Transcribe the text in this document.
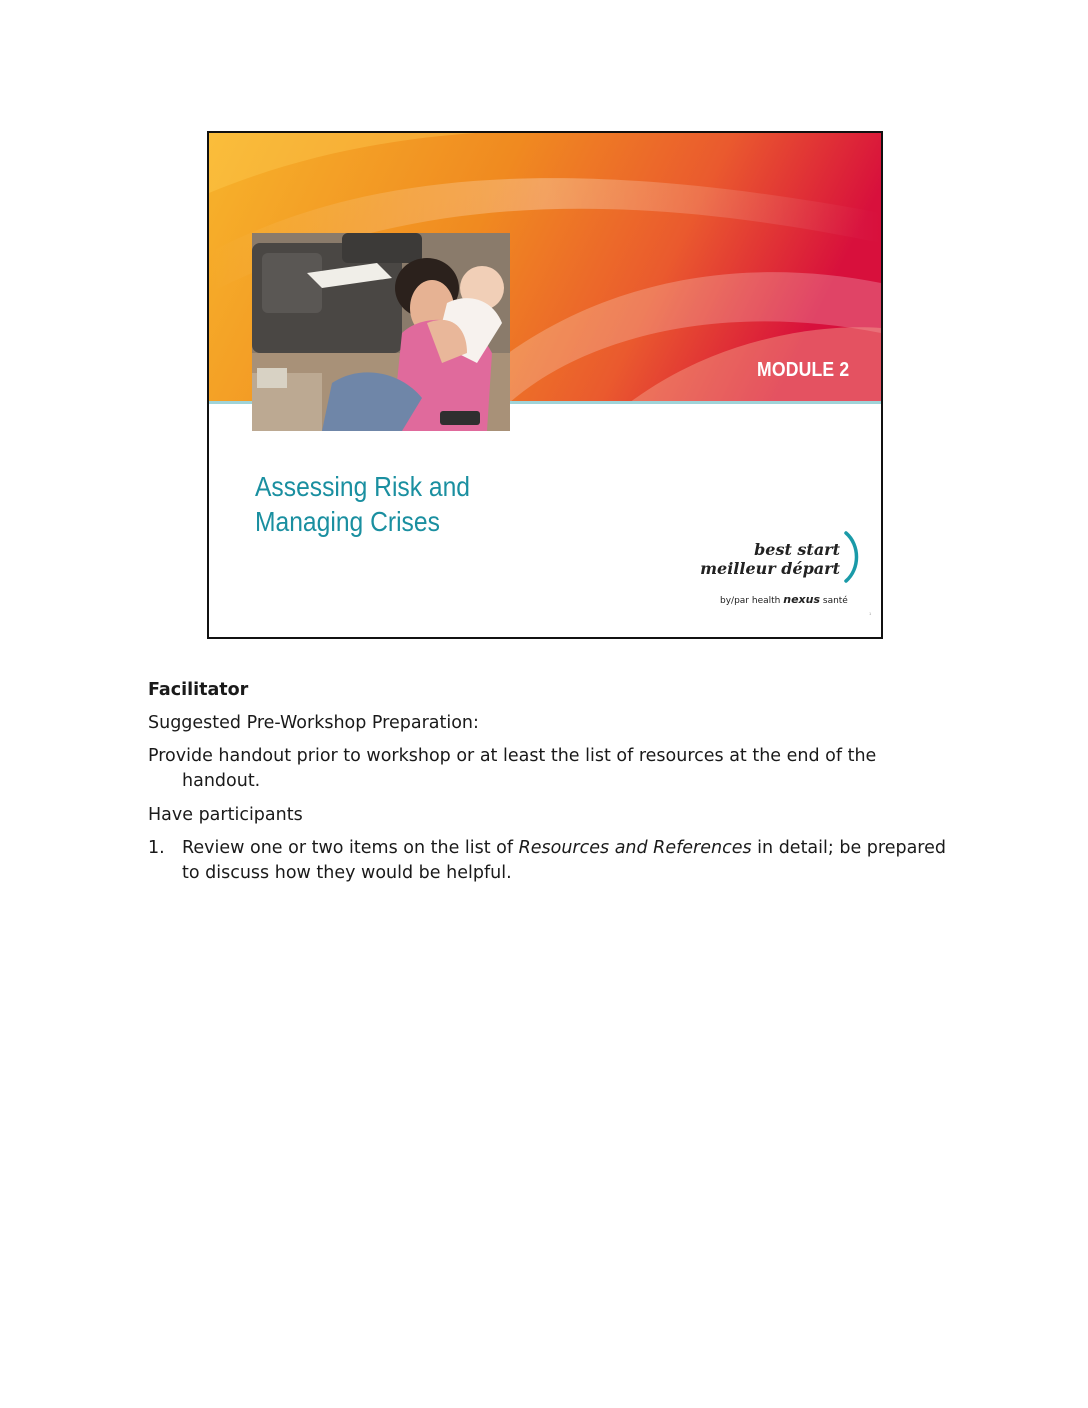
MODULE 2
Assessing Risk and
Managing Crises
best start
meilleur départ
by/par health nexus santé
1
Facilitator
Suggested Pre-Workshop Preparation:
Provide handout prior to workshop or at least the list of resources at the end of the
handout.
Have participants
1. Review one or two items on the list of Resources and References in detail; be prepared
to discuss how they would be helpful.
